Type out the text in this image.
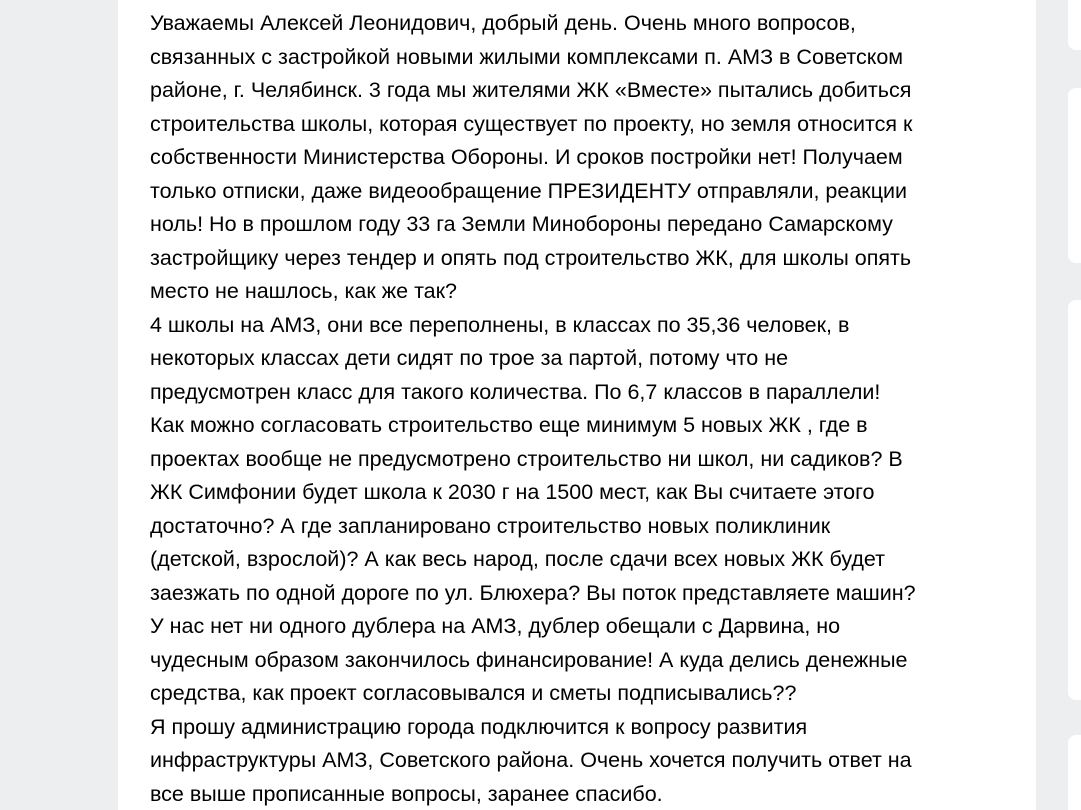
Уважаемы Алексей Леонидович, добрый день. Очень много вопросов,
связанных с застройкой новыми жилыми комплексами п. АМЗ в Советском
районе, г. Челябинск. 3 года мы жителями ЖК «Вместе» пытались добиться
строительства школы, которая существует по проекту, но земля относится к
собственности Министерства Обороны. И сроков постройки нет! Получаем
только отписки, даже видеообращение ПРЕЗИДЕНТУ отправляли, реакции
ноль! Но в прошлом году 33 га Земли Минобороны передано Самарскому
застройщику через тендер и опять под строительство ЖК, для школы опять
место не нашлось, как же так?
4 школы на АМЗ, они все переполнены, в классах по 35,36 человек, в
некоторых классах дети сидят по трое за партой, потому что не
предусмотрен класс для такого количества. По 6,7 классов в параллели!
Как можно согласовать строительство еще минимум 5 новых ЖК , где в
проектах вообще не предусмотрено строительство ни школ, ни садиков? В
ЖК Симфонии будет школа к 2030 г на 1500 мест, как Вы считаете этого
достаточно? А где запланировано строительство новых поликлиник
(детской, взрослой)? А как весь народ, после сдачи всех новых ЖК будет
заезжать по одной дороге по ул. Блюхера? Вы поток представляете машин?
У нас нет ни одного дублера на АМЗ, дублер обещали с Дарвина, но
чудесным образом закончилось финансирование! А куда делись денежные
средства, как проект согласовывался и сметы подписывались??
Я прошу администрацию города подключится к вопросу развития
инфраструктуры АМЗ, Советского района. Очень хочется получить ответ на
все выше прописанные вопросы, заранее спасибо.
